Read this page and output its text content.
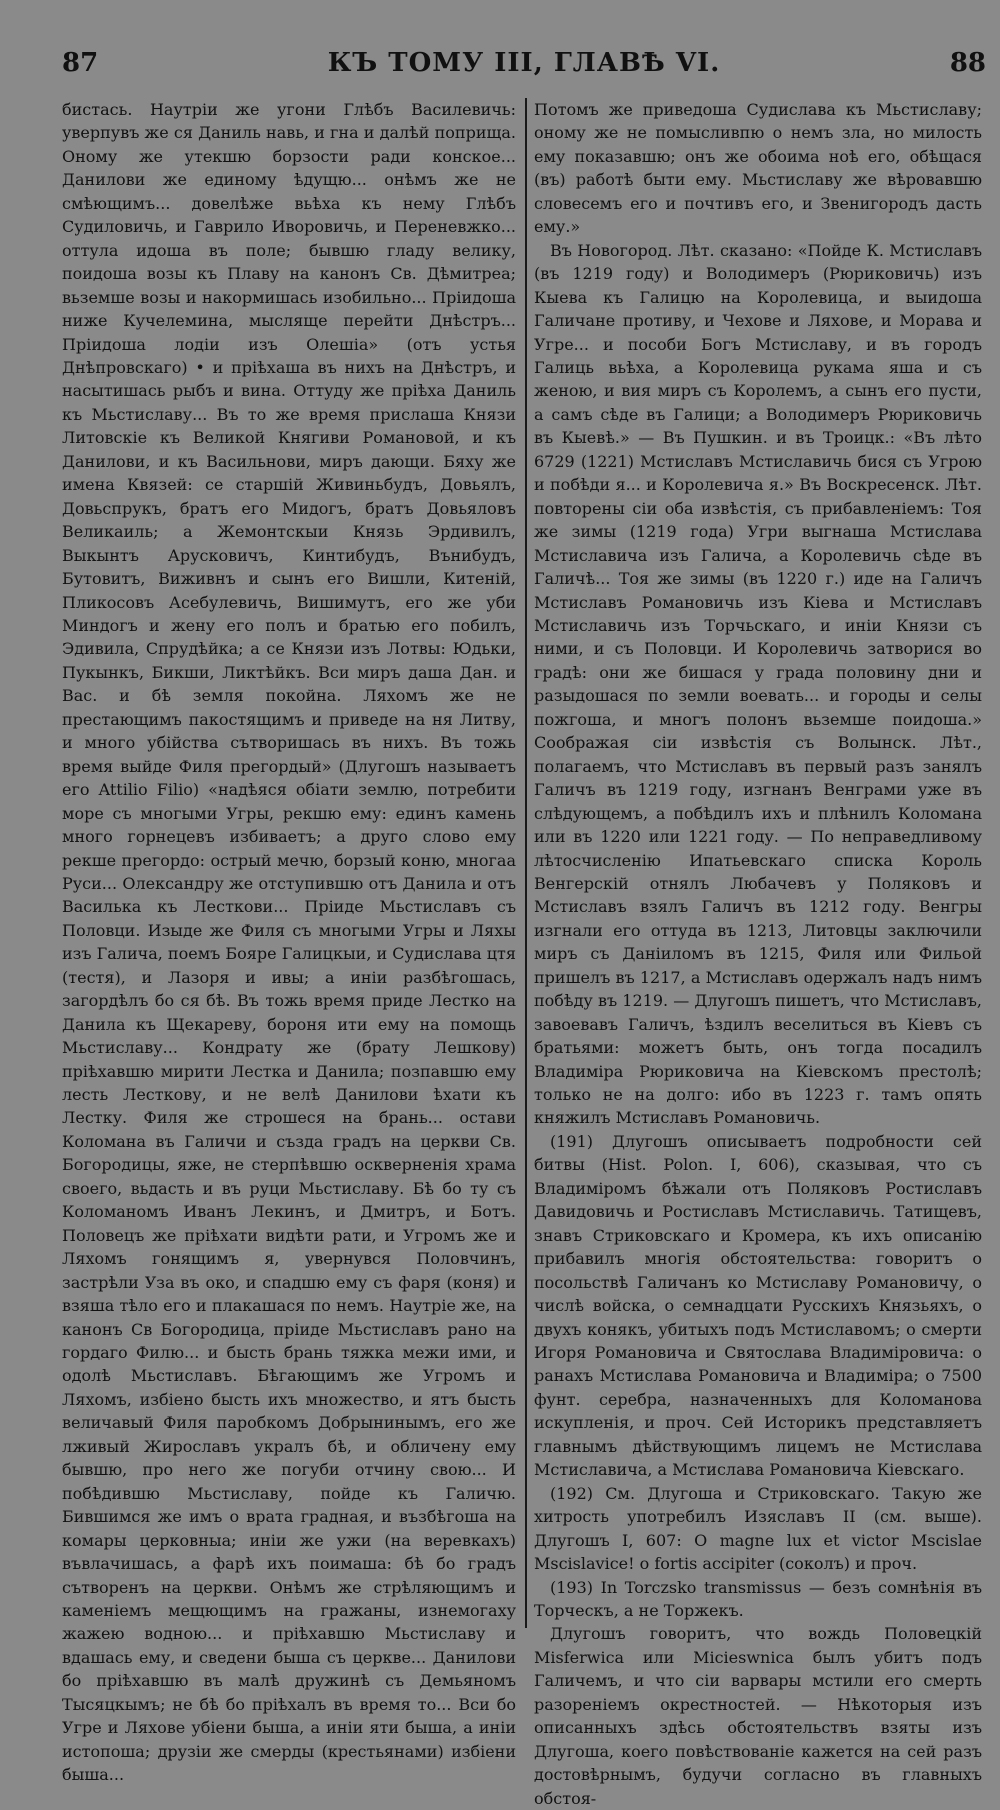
87	КЪ ТОМУ III, ГЛАВѢ VI.	88

бистась. Наутріи же угони Глѣбъ Василевичь: уверпувъ же ся Даниль навь, и гна и далѣй поприща. Оному же утекшю борзости ради конское... Данилови же единому ѣдущю... онѣмъ же не смѣющимъ... довелѣже вьѣха къ нему Глѣбъ Судиловичь, и Гаврило Иворовичь, и Переневжко... оттула идоша въ поле; бывшю гладу велику, поидоша возы къ Плаву на канонъ Св. Дѣмитреа; вьземше возы и накормишась изобильно... Пріидоша ниже Кучелемина, мысляще перейти Днѣстръ... Пріидоша лодіи изъ Олешіа» (отъ устья Днѣпровскаго) • и пріѣхаша въ нихъ на Днѣстръ, и насытишась рыбъ и вина. Оттуду же пріѣха Даниль къ Мьстиславу... Въ то же время прислаша Князи Литовскіе къ Великой Княгиви Романовой, и къ Данилови, и къ Васильнови, миръ дающи. Бяху же имена Квязей: се старшій Живиньбудъ, Довьялъ, Довьспрукъ, братъ его Мидогъ, братъ Довьяловъ Великаиль; а Жемонтскыи Князь Эрдивилъ, Выкынтъ Арусковичъ, Кинтибудъ, Вънибудъ, Бутовитъ, Виживнъ и сынъ его Вишли, Китеній, Пликосовъ Асебулевичь, Вишимутъ, его же уби Миндогъ и жену его полъ и братью его побилъ, Эдивила, Спрудѣйка; а се Князи изъ Лотвы: Юдьки, Пукынкъ, Бикши, Ликтѣйкъ. Вси миръ даша Дан. и Вас. и бѣ земля покойна. Ляхомъ же не престающимъ пакостящимъ и приведе на ня Литву, и много убійства сътворишась въ нихъ. Въ тожь время выйде Филя прегордый» (Длугошъ называетъ его Attilio Filio) «надѣяся обіати землю, потребити море съ многыми Угры, рекшю ему: единъ камень много горнецевъ избиваетъ; а друго слово ему рекше прегордо: острый мечю, борзый коню, многаа Руси... Олександру же отступившю отъ Данила и отъ Василька къ Лесткови... Пріиде Мьстиславъ съ Половци. Изыде же Филя съ многыми Угры и Ляхы изъ Галича, поемъ Бояре Галицкыи, и Судислава цтя (тестя), и Лазоря и ивы; а иніи разбѣгошась, загордѣлъ бо ся бѣ. Въ тожь время приде Лестко на Данила къ Щекареву, бороня ити ему на помощь Мьстиславу... Кондрату же (брату Лешкову) пріѣхавшю мирити Лестка и Данила; позпавшю ему лесть Лесткову, и не велѣ Данилови ѣхати къ Лестку. Филя же строшеся на брань... остави Коломана въ Галичи и създа градъ на церкви Св. Богородицы, яже, не стерпѣвшю оскверненія храма своего, вьдасть и въ руци Мьстиславу. Бѣ бо ту съ Коломаномъ Иванъ Лекинъ, и Дмитръ, и Ботъ. Половецъ же пріѣхати видѣти рати, и Угромъ же и Ляхомъ гонящимъ я, увернувся Половчинъ, застрѣли Уза въ око, и спадшю ему съ фаря (коня) и взяша тѣло его и плакашася по немъ. Наутріе же, на канонъ Св Богородица, пріиде Мьстиславъ рано на гордаго Филю... и бысть брань тяжка межи ими, и одолѣ Мьстиславъ. Бѣгающимъ же Угромъ и Ляхомъ, избіено бысть ихъ множество, и ятъ бысть величавый Филя паробкомъ Добрынинымъ, его же лживый Жирославъ укралъ бѣ, и обличену ему бывшю, про него же погуби отчину свою... И побѣдившю Мьстиславу, пойде къ Галичю. Бившимся же имъ о врата градная, и възбѣгоша на комары церковныа; иніи же ужи (на веревкахъ) въвлачишась, а фарѣ ихъ поимаша: бѣ бо градъ сътворенъ на церкви. Онѣмъ же стрѣляющимъ и каменіемъ мещющимъ на гражаны, изнемогаху жажею водною... и пріѣхавшю Мьстиславу и вдашась ему, и сведени быша съ церкве... Данилови бо пріѣхавшю въ малѣ дружинѣ съ Демьяномъ Тысяцкымъ; не бѣ бо пріѣхалъ въ время то... Вси бо Угре и Ляхове убіени быша, а иніи яти быша, а иніи истопоша; друзіи же смерды (крестьянами) избіени быша...

Потомъ же приведоша Судислава къ Мьстиславу; оному же не помысливпю о немъ зла, но милость ему показавшю; онъ же обоима ноѣ его, обѣщася (въ) работѣ быти ему. Мьстиславу же вѣровавшю словесемъ его и почтивъ его, и Звенигородъ дасть ему.»

Въ Новогород. Лѣт. сказано: «Пойде К. Мстиславъ (въ 1219 году) и Володимеръ (Рюриковичь) изъ Кыева къ Галицю на Королевица, и выидоша Галичане противу, и Чехове и Ляхове, и Морава и Угре... и пособи Богъ Мстиславу, и въ городъ Галиць вьѣха, а Королевица рукама яша и съ жeною, и вия миръ съ Королемъ, а сынъ его пусти, а самъ сѣде въ Галици; а Володимеръ Рюриковичь въ Кыевѣ.» — Въ Пушкин. и въ Троицк.: «Въ лѣто 6729 (1221) Мстиславъ Мстиславичь бися съ Угрою и побѣди я... и Королевича я.» Въ Воскресенск. Лѣт. повторены сіи оба извѣстія, съ прибавленіемъ: Тоя же зимы (1219 года) Угри выгнаша Мстислава Мстиславича изъ Галича, а Королевичь сѣде въ Галичѣ... Тоя же зимы (въ 1220 г.) иде на Галичъ Мстиславъ Романовичь изъ Кіева и Мстиславъ Мстиславичь изъ Торчьскаго, и иніи Князи съ ними, и съ Половци. И Королевичь затворися во градѣ: они же бишася у града половину дни и разыдошася по земли воевать... и городы и селы пожгоша, и многъ полонъ вьземше поидоша.» Соображая сіи извѣстія съ Волынск. Лѣт., полагаемъ, что Мстиславъ въ первый разъ занялъ Галичъ въ 1219 году, изгнанъ Венграми уже въ слѣдующемъ, а побѣдилъ ихъ и плѣнилъ Коломана или въ 1220 или 1221 году. — По неправедливому лѣтосчисленію Ипатьевскаго списка Король Венгерскій отнялъ Любачевъ у Поляковъ и Мстиславъ взялъ Галичъ въ 1212 году. Венгры изгнали его оттуда въ 1213, Литовцы заключили миръ съ Даніиломъ въ 1215, Филя или Фильой пришелъ въ 1217, а Мстиславъ одержалъ надъ нимъ побѣду въ 1219. — Длугошъ пишетъ, что Мстиславъ, завоевавъ Галичъ, ѣздилъ веселиться въ Кіевъ съ братьями: можетъ быть, онъ тогда посадилъ Владиміра Рюриковича на Кіевскомъ престолѣ; только не на долго: ибо въ 1223 г. тамъ опять княжилъ Мстиславъ Романовичь.

(191) Длугошъ описываетъ подробности сей битвы (Hist. Polon. I, 606), сказывая, что съ Владиміромъ бѣжали отъ Поляковъ Ростиславъ Давидовичь и Ростиславъ Мстиславичь. Татищевъ, знавъ Стриковскаго и Кромера, къ ихъ описанію прибавилъ многія обстоятельства: говоритъ о посольствѣ Галичанъ ко Мстиславу Романовичу, о числѣ войска, о семнадцати Русскихъ Князьяхъ, о двухъ конякъ, убитыхъ подъ Мстиславомъ; о смерти Игоря Романовича и Святослава Владиміровича: о ранахъ Мстислава Романовича и Владиміра; о 7500 фунт. серебра, назначенныхъ для Коломанова искупленія, и проч. Сей Историкъ представляетъ главнымъ дѣйствующимъ лицемъ не Мстислава Мстиславича, а Мстислава Романовича Кіевскаго.

(192) См. Длугоша и Стриковскаго. Такую же хитрость употребилъ Изяславъ II (см. выше). Длугошъ I, 607: O magne lux et victor Mscislae Mscislavice! o fortis accipiter (соколъ) и проч.

(193) In Torczsko transmissus — безъ сомнѣнія въ Торческъ, а не Торжекъ.

Длугошъ говоритъ, что вождь Половецкій Misferwica или Micieswnica былъ убитъ подъ Галичемъ, и что сіи варвары мстили его смерть разореніемъ окрестностей. — Нѣкоторыя изъ описанныхъ здѣсь обстоятельствъ взяты изъ Длугоша, коего повѣствованіе кажется на сей разъ достовѣрнымъ, будучи согласно въ главныхъ обстоя-
